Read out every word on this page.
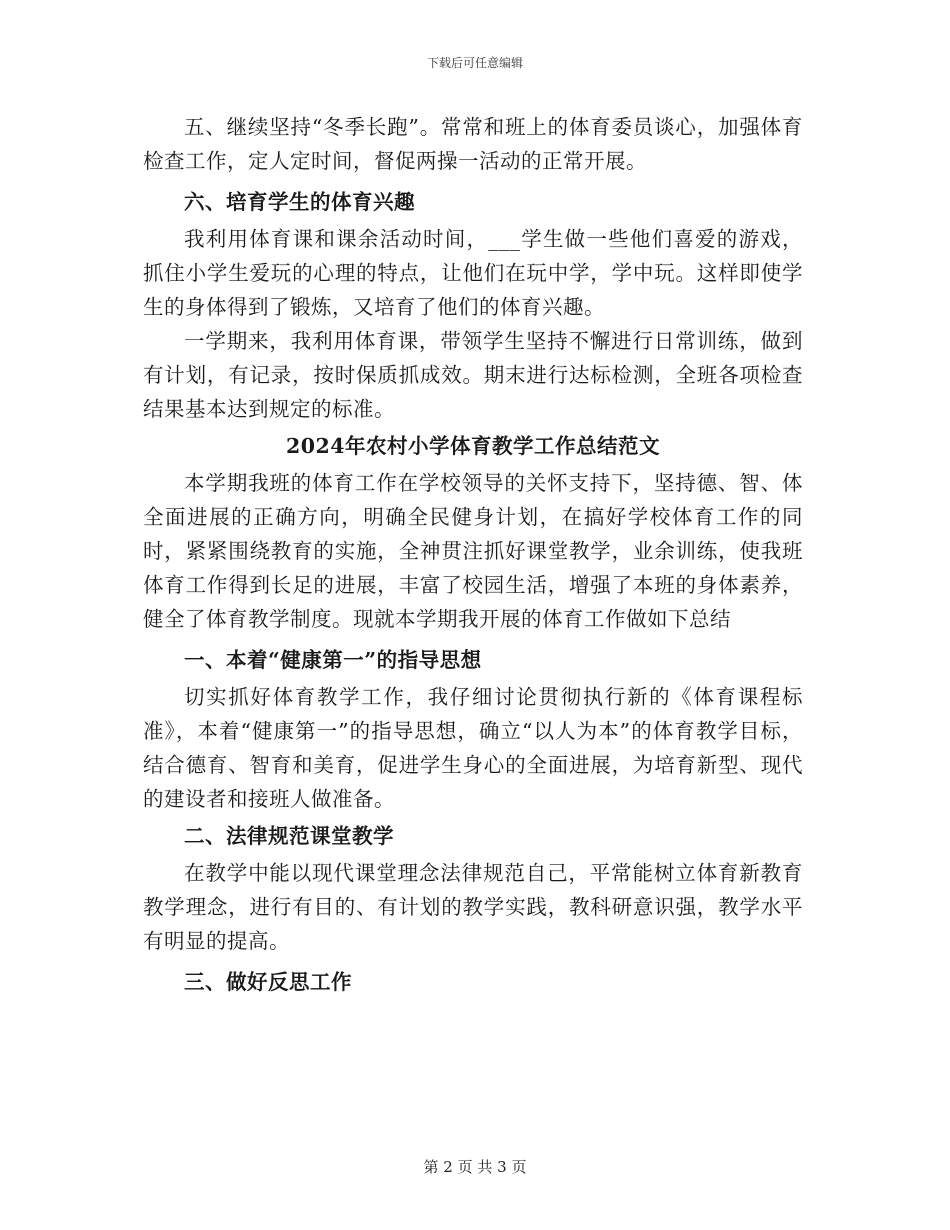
下载后可任意编辑

五、继续坚持“冬季长跑”。常常和班上的体育委员谈心，加强体育检查工作，定人定时间，督促两操一活动的正常开展。

六、培育学生的体育兴趣

我利用体育课和课余活动时间，___学生做一些他们喜爱的游戏，抓住小学生爱玩的心理的特点，让他们在玩中学，学中玩。这样即使学生的身体得到了锻炼，又培育了他们的体育兴趣。

一学期来，我利用体育课，带领学生坚持不懈进行日常训练，做到有计划，有记录，按时保质抓成效。期末进行达标检测，全班各项检查结果基本达到规定的标准。

2024年农村小学体育教学工作总结范文

本学期我班的体育工作在学校领导的关怀支持下，坚持德、智、体全面进展的正确方向，明确全民健身计划，在搞好学校体育工作的同时，紧紧围绕教育的实施，全神贯注抓好课堂教学，业余训练，使我班体育工作得到长足的进展，丰富了校园生活，增强了本班的身体素养，健全了体育教学制度。现就本学期我开展的体育工作做如下总结

一、本着“健康第一”的指导思想

切实抓好体育教学工作，我仔细讨论贯彻执行新的《体育课程标准》，本着“健康第一”的指导思想，确立“以人为本”的体育教学目标，结合德育、智育和美育，促进学生身心的全面进展，为培育新型、现代的建设者和接班人做准备。

二、法律规范课堂教学

在教学中能以现代课堂理念法律规范自己，平常能树立体育新教育教学理念，进行有目的、有计划的教学实践，教科研意识强，教学水平有明显的提高。

三、做好反思工作

第 2 页 共 3 页
